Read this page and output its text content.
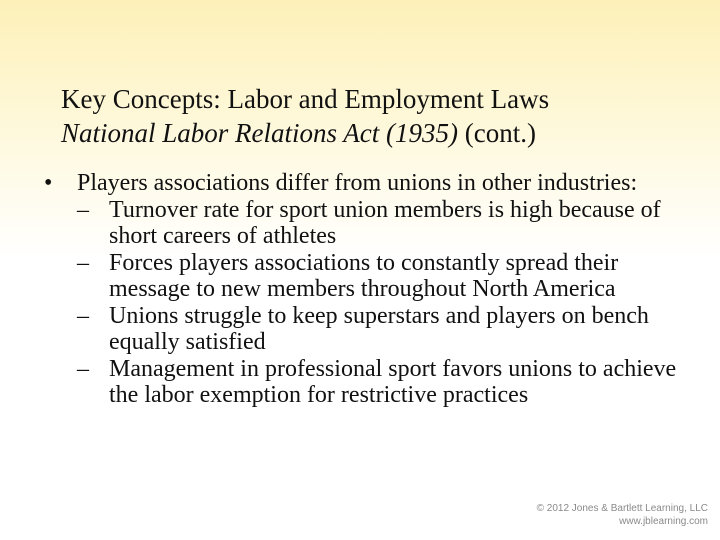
Key Concepts: Labor and Employment Laws
National Labor Relations Act (1935) (cont.)
• Players associations differ from unions in other industries:
– Turnover rate for sport union members is high because of short careers of athletes
– Forces players associations to constantly spread their message to new members throughout North America
– Unions struggle to keep superstars and players on bench equally satisfied
– Management in professional sport favors unions to achieve the labor exemption for restrictive practices
© 2012 Jones & Bartlett Learning, LLC
www.jblearning.com
